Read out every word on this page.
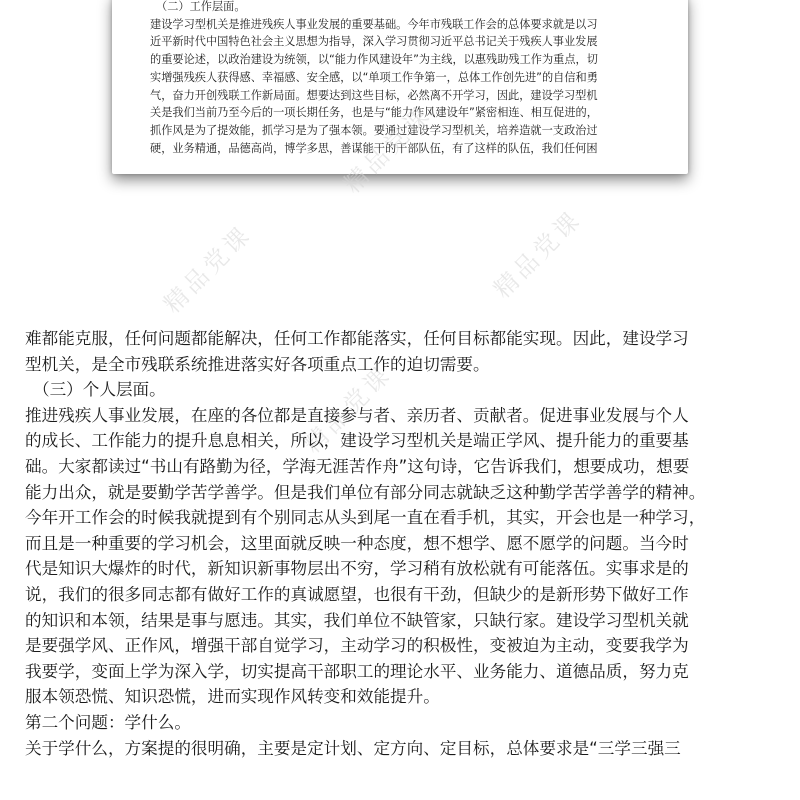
（二）工作层面。

建设学习型机关是推进残疾人事业发展的重要基础。今年市残联工作会的总体要求就是以习

近平新时代中国特色社会主义思想为指导，深入学习贯彻习近平总书记关于残疾人事业发展

的重要论述，以政治建设为统领，以“能力作风建设年”为主线，以惠残助残工作为重点，切

实增强残疾人获得感、幸福感、安全感，以“单项工作争第一，总体工作创先进”的自信和勇

气，奋力开创残联工作新局面。想要达到这些目标，必然离不开学习，因此，建设学习型机

关是我们当前乃至今后的一项长期任务，也是与“能力作风建设年”紧密相连、相互促进的，

抓作风是为了提效能，抓学习是为了强本领。要通过建设学习型机关，培养造就一支政治过

硬，业务精通，品德高尚，博学多思，善谋能干的干部队伍，有了这样的队伍，我们任何困

精品党课	精品党课
精品党课
精品党课

难都能克服，任何问题都能解决，任何工作都能落实，任何目标都能实现。因此，建设学习

型机关，是全市残联系统推进落实好各项重点工作的迫切需要。

（三）个人层面。

推进残疾人事业发展，在座的各位都是直接参与者、亲历者、贡献者。促进事业发展与个人

的成长、工作能力的提升息息相关，所以，建设学习型机关是端正学风、提升能力的重要基

础。大家都读过“书山有路勤为径，学海无涯苦作舟”这句诗，它告诉我们，想要成功，想要

能力出众，就是要勤学苦学善学。但是我们单位有部分同志就缺乏这种勤学苦学善学的精神。

今年开工作会的时候我就提到有个别同志从头到尾一直在看手机，其实，开会也是一种学习，

而且是一种重要的学习机会，这里面就反映一种态度，想不想学、愿不愿学的问题。当今时

代是知识大爆炸的时代，新知识新事物层出不穷，学习稍有放松就有可能落伍。实事求是的

说，我们的很多同志都有做好工作的真诚愿望，也很有干劲，但缺少的是新形势下做好工作

的知识和本领，结果是事与愿违。其实，我们单位不缺管家，只缺行家。建设学习型机关就

是要强学风、正作风，增强干部自觉学习，主动学习的积极性，变被迫为主动，变要我学为

我要学，变面上学为深入学，切实提高干部职工的理论水平、业务能力、道德品质，努力克

服本领恐慌、知识恐慌，进而实现作风转变和效能提升。

第二个问题：学什么。

关于学什么，方案提的很明确，主要是定计划、定方向、定目标，总体要求是“三学三强三
